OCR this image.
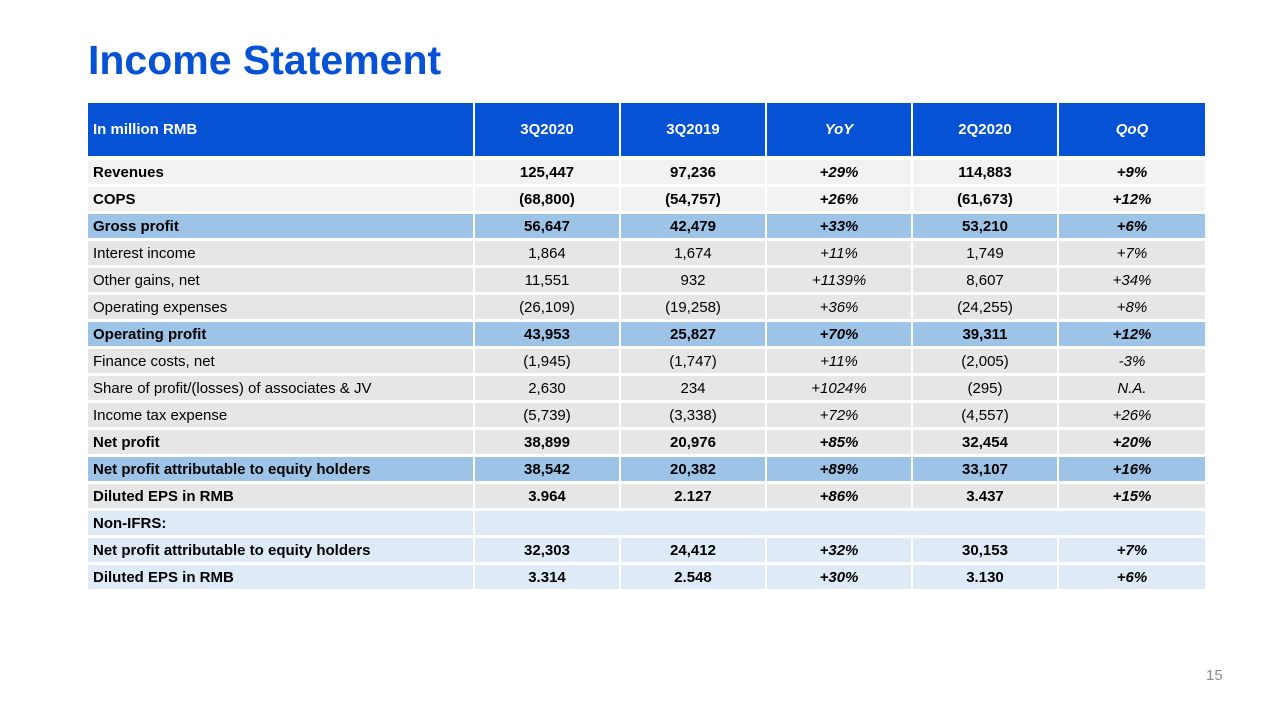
Income Statement
In million RMB	3Q2020	3Q2019	YoY	2Q2020	QoQ
Revenues	125,447	97,236	+29%	114,883	+9%
COPS	(68,800)	(54,757)	+26%	(61,673)	+12%
Gross profit	56,647	42,479	+33%	53,210	+6%
Interest income	1,864	1,674	+11%	1,749	+7%
Other gains, net	11,551	932	+1139%	8,607	+34%
Operating expenses	(26,109)	(19,258)	+36%	(24,255)	+8%
Operating profit	43,953	25,827	+70%	39,311	+12%
Finance costs, net	(1,945)	(1,747)	+11%	(2,005)	-3%
Share of profit/(losses) of associates & JV	2,630	234	+1024%	(295)	N.A.
Income tax expense	(5,739)	(3,338)	+72%	(4,557)	+26%
Net profit	38,899	20,976	+85%	32,454	+20%
Net profit attributable to equity holders	38,542	20,382	+89%	33,107	+16%
Diluted EPS in RMB	3.964	2.127	+86%	3.437	+15%
Non-IFRS:					
Net profit attributable to equity holders	32,303	24,412	+32%	30,153	+7%
Diluted EPS in RMB	3.314	2.548	+30%	3.130	+6%
15
